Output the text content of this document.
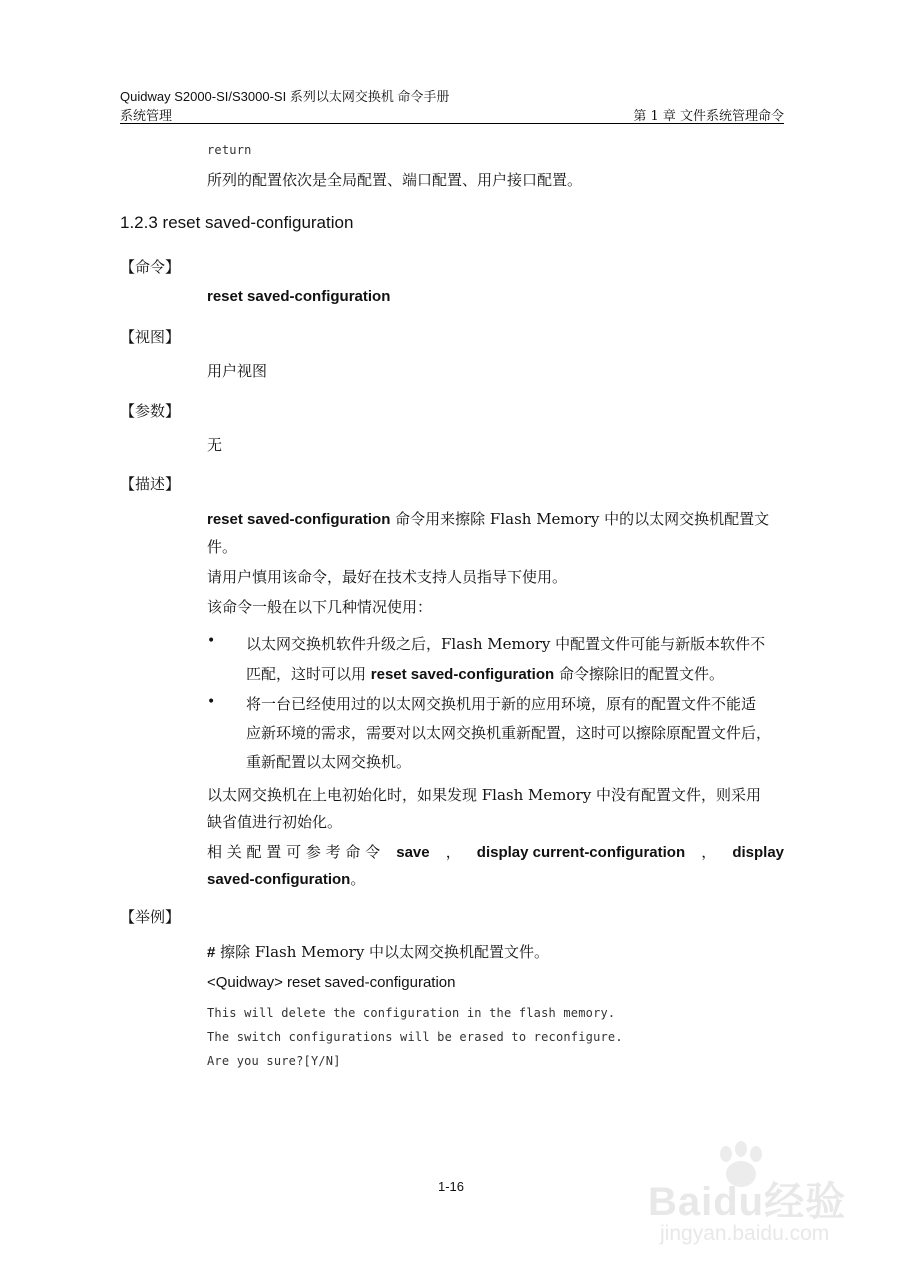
Quidway S2000-SI/S3000-SI 系列以太网交换机 命令手册
系统管理	第 1 章 文件系统管理命令
return
所列的配置依次是全局配置、端口配置、用户接口配置。
1.2.3 reset saved-configuration
【命令】
reset saved-configuration
【视图】
用户视图
【参数】
无
【描述】
reset saved-configuration 命令用来擦除 Flash Memory 中的以太网交换机配置文
件。
请用户慎用该命令，最好在技术支持人员指导下使用。
该命令一般在以下几种情况使用：
• 以太网交换机软件升级之后，Flash Memory 中配置文件可能与新版本软件不
匹配，这时可以用 reset saved-configuration 命令擦除旧的配置文件。
• 将一台已经使用过的以太网交换机用于新的应用环境，原有的配置文件不能适
应新环境的需求，需要对以太网交换机重新配置，这时可以擦除原配置文件后，
重新配置以太网交换机。
以太网交换机在上电初始化时，如果发现 Flash Memory 中没有配置文件，则采用
缺省值进行初始化。
相 关 配 置 可 参 考 命 令 save ， display current-configuration ， display
saved-configuration。
【举例】
# 擦除 Flash Memory 中以太网交换机配置文件。
<Quidway> reset saved-configuration
This will delete the configuration in the flash memory.
The switch configurations will be erased to reconfigure.
Are you sure?[Y/N]
1-16	Baidu经验
jingyan.baidu.com
